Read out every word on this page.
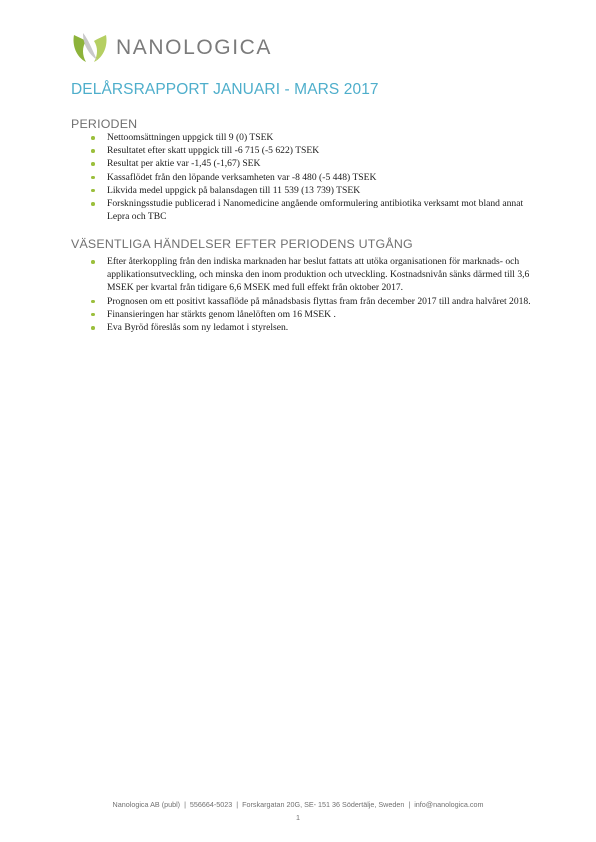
NANOLOGICA
DELÅRSRAPPORT JANUARI - MARS 2017
PERIODEN
Nettoomsättningen uppgick till 9 (0) TSEK
Resultatet efter skatt uppgick till -6 715 (-5 622) TSEK
Resultat per aktie var -1,45 (-1,67) SEK
Kassaflödet från den löpande verksamheten var -8 480 (-5 448) TSEK
Likvida medel uppgick på balansdagen till 11 539 (13 739) TSEK
Forskningsstudie publicerad i Nanomedicine angående omformulering antibiotika verksamt mot bland annat Lepra och TBC
VÄSENTLIGA HÄNDELSER EFTER PERIODENS UTGÅNG
Efter återkoppling från den indiska marknaden har beslut fattats att utöka organisationen för marknads- och applikationsutveckling, och minska den inom produktion och utveckling. Kostnadsnivån sänks därmed till 3,6 MSEK per kvartal från tidigare 6,6 MSEK med full effekt från oktober 2017.
Prognosen om ett positivt kassaflöde på månadsbasis flyttas fram från december 2017 till andra halvåret 2018.
Finansieringen har stärkts genom lånelöften om 16 MSEK .
Eva Byröd föreslås som ny ledamot i styrelsen.
Nanologica AB (publ)  |  556664-5023  |  Forskargatan 20G, SE- 151 36 Södertälje, Sweden  |  info@nanologica.com
1
